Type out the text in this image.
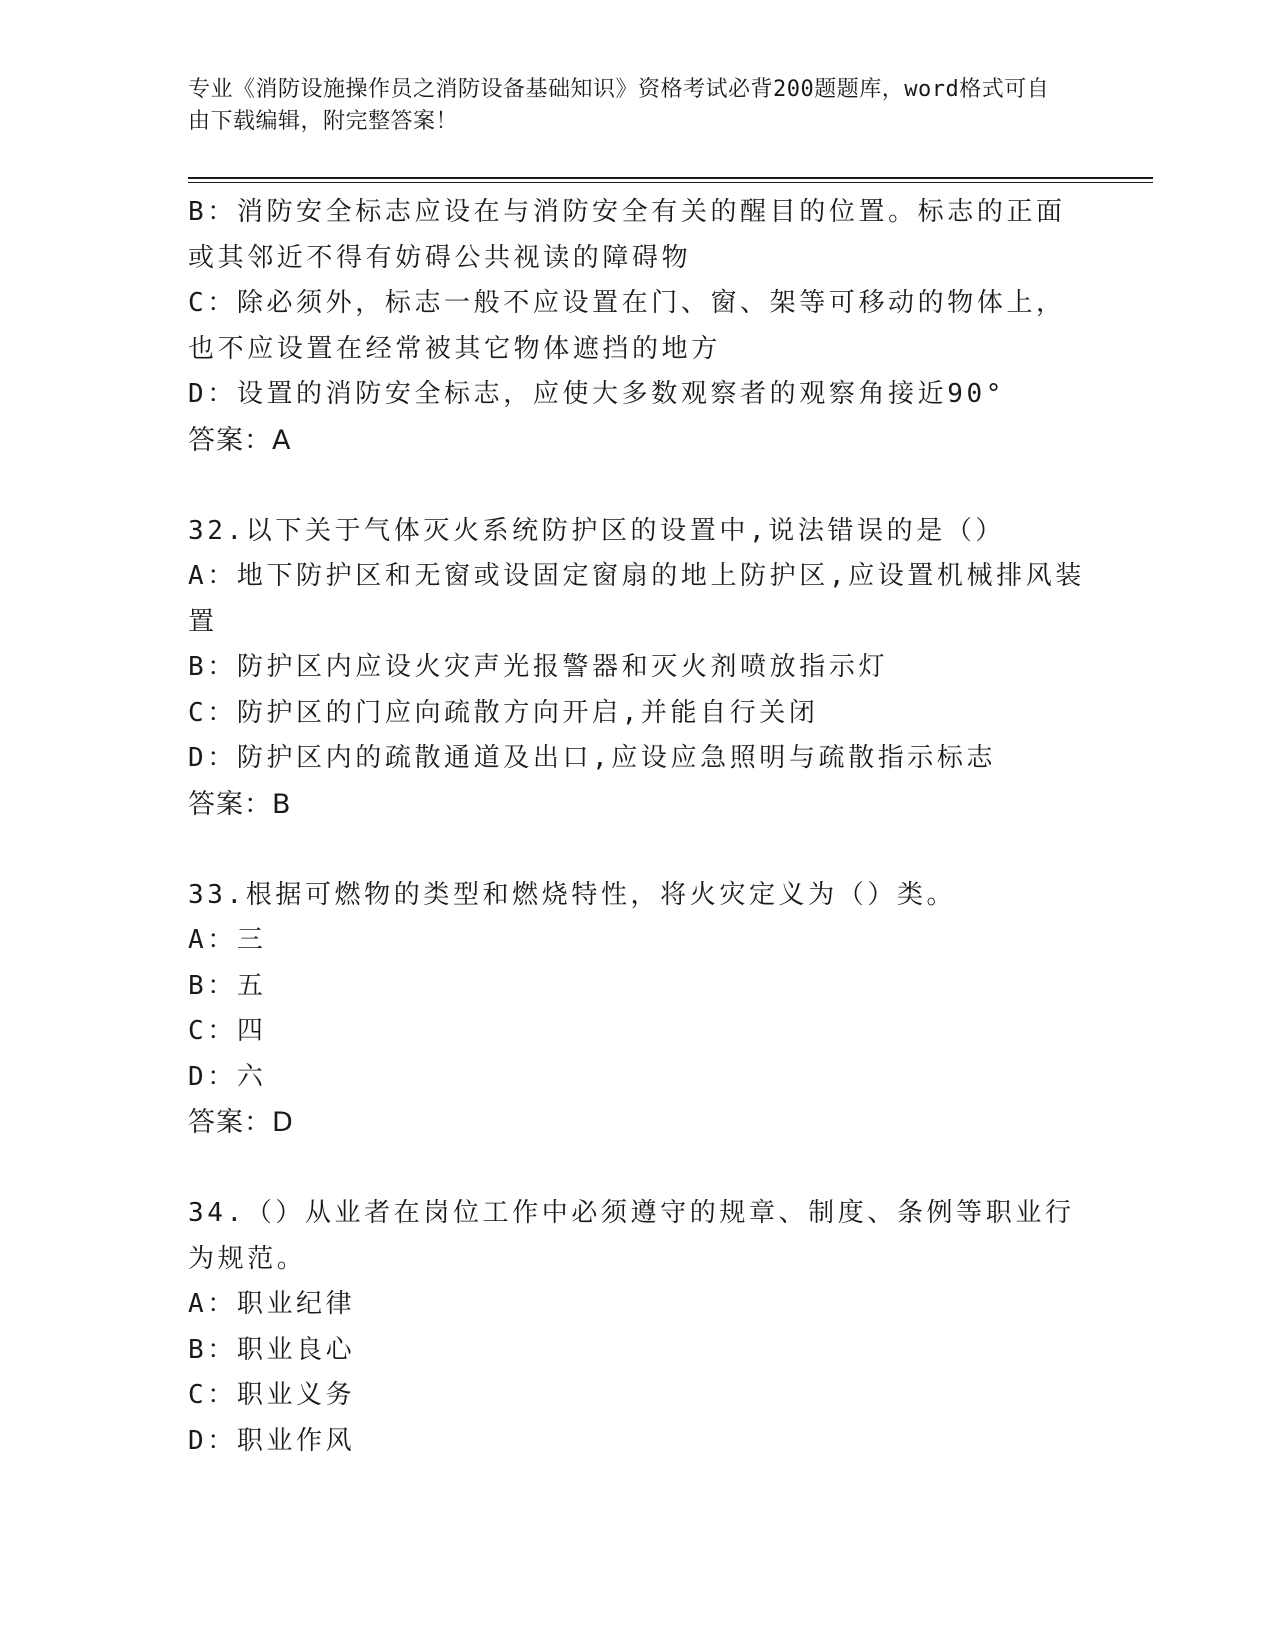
专业《消防设施操作员之消防设备基础知识》资格考试必背200题题库，word格式可自由下载编辑，附完整答案！
B：消防安全标志应设在与消防安全有关的醒目的位置。标志的正面或其邻近不得有妨碍公共视读的障碍物
C：除必须外，标志一般不应设置在门、窗、架等可移动的物体上，也不应设置在经常被其它物体遮挡的地方
D：设置的消防安全标志，应使大多数观察者的观察角接近90°
答案：A
32.以下关于气体灭火系统防护区的设置中,说法错误的是（）
A：地下防护区和无窗或设固定窗扇的地上防护区,应设置机械排风装置
B：防护区内应设火灾声光报警器和灭火剂喷放指示灯
C：防护区的门应向疏散方向开启,并能自行关闭
D：防护区内的疏散通道及出口,应设应急照明与疏散指示标志
答案：B
33.根据可燃物的类型和燃烧特性，将火灾定义为（）类。
A：三
B：五
C：四
D：六
答案：D
34.（）从业者在岗位工作中必须遵守的规章、制度、条例等职业行为规范。
A：职业纪律
B：职业良心
C：职业义务
D：职业作风
